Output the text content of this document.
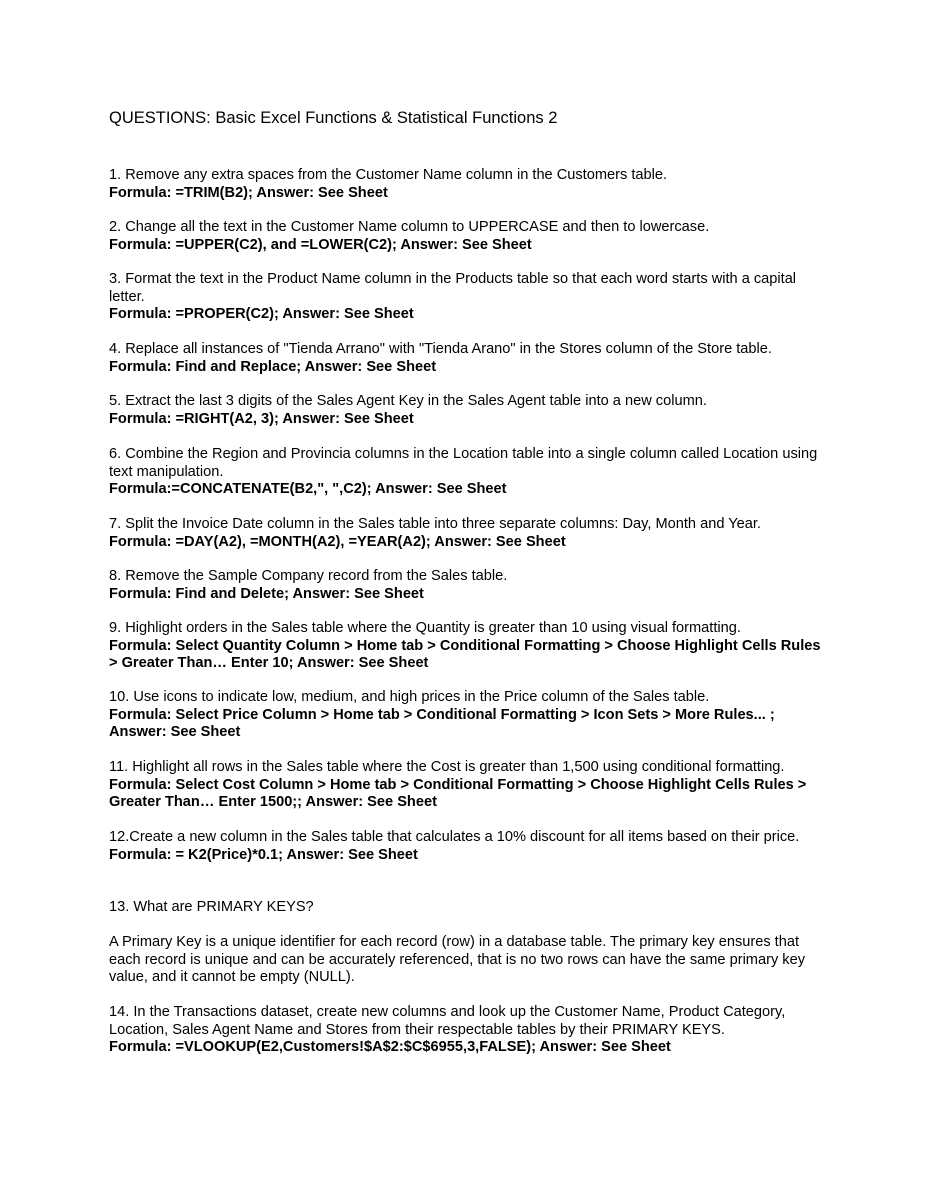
QUESTIONS: Basic Excel Functions & Statistical Functions 2

1. Remove any extra spaces from the Customer Name column in the Customers table.

Formula: =TRIM(B2); Answer: See Sheet

2. Change all the text in the Customer Name column to UPPERCASE and then to lowercase.

Formula: =UPPER(C2), and =LOWER(C2); Answer: See Sheet

3. Format the text in the Product Name column in the Products table so that each word starts with a capital letter.

Formula: =PROPER(C2); Answer: See Sheet

4. Replace all instances of "Tienda Arrano" with "Tienda Arano" in the Stores column of the Store table.

Formula: Find and Replace; Answer: See Sheet

5. Extract the last 3 digits of the Sales Agent Key in the Sales Agent table into a new column.

Formula: =RIGHT(A2, 3); Answer: See Sheet

6. Combine the Region and Provincia columns in the Location table into a single column called Location using text manipulation.

Formula:=CONCATENATE(B2,", ",C2); Answer: See Sheet

7. Split the Invoice Date column in the Sales table into three separate columns: Day, Month and Year.

Formula: =DAY(A2), =MONTH(A2), =YEAR(A2); Answer: See Sheet

8. Remove the Sample Company record from the Sales table.

Formula: Find and Delete; Answer: See Sheet

9. Highlight orders in the Sales table where the Quantity is greater than 10 using visual formatting.

Formula: Select Quantity Column > Home tab > Conditional Formatting > Choose Highlight Cells Rules > Greater Than… Enter 10; Answer: See Sheet

10. Use icons to indicate low, medium, and high prices in the Price column of the Sales table.

Formula: Select Price Column > Home tab > Conditional Formatting > Icon Sets > More Rules... ; Answer: See Sheet

11. Highlight all rows in the Sales table where the Cost is greater than 1,500 using conditional formatting.

Formula: Select Cost Column > Home tab > Conditional Formatting > Choose Highlight Cells Rules > Greater Than… Enter 1500;; Answer: See Sheet

12.Create a new column in the Sales table that calculates a 10% discount for all items based on their price.

Formula: = K2(Price)*0.1; Answer: See Sheet

13. What are PRIMARY KEYS?

A Primary Key is a unique identifier for each record (row) in a database table. The primary key ensures that each record is unique and can be accurately referenced, that is no two rows can have the same primary key value, and it cannot be empty (NULL).

14. In the Transactions dataset, create new columns and look up the Customer Name, Product Category, Location, Sales Agent Name and Stores from their respectable tables by their PRIMARY KEYS.

Formula: =VLOOKUP(E2,Customers!$A$2:$C$6955,3,FALSE); Answer: See Sheet
